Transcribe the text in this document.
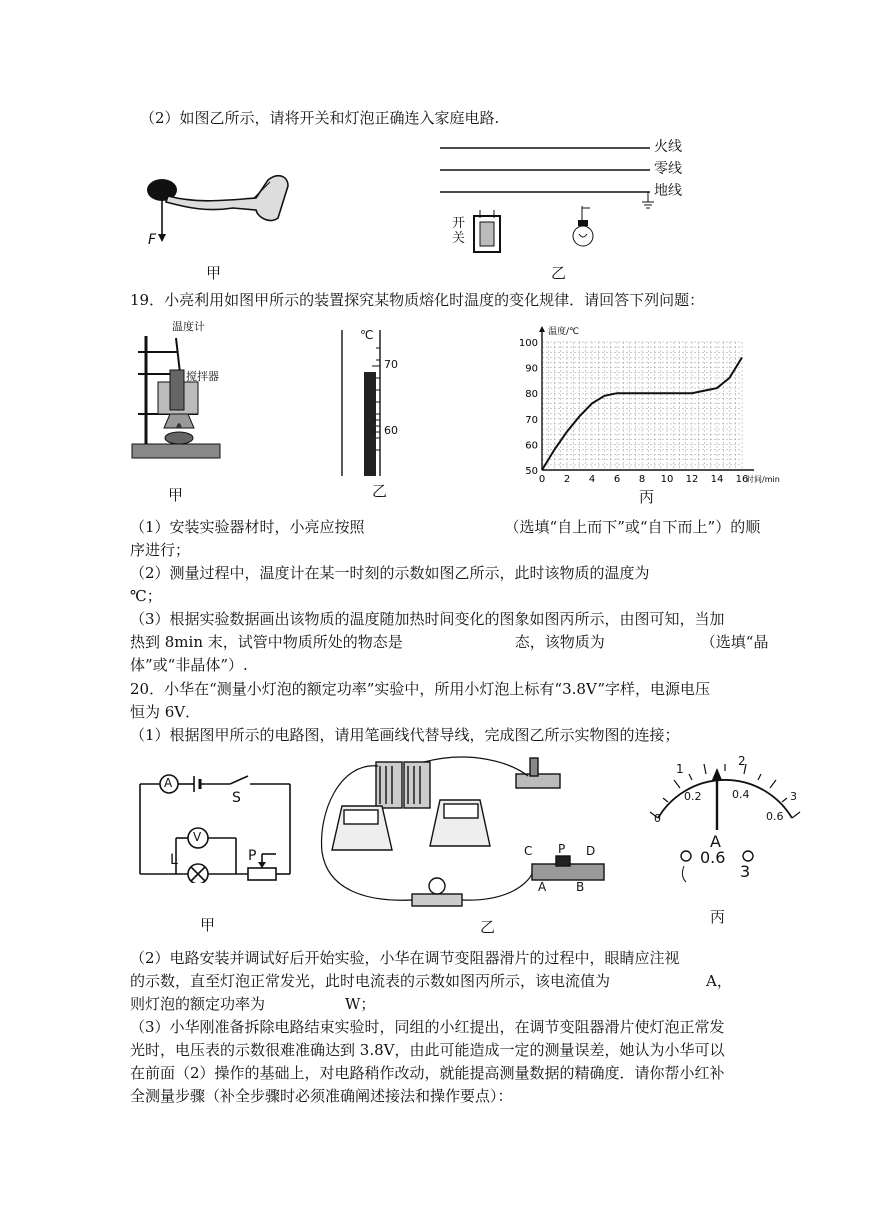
（2）如图乙所示，请将开关和灯泡正确连入家庭电路.
F
甲
火线
零线
地线
开关
乙
19．小亮利用如图甲所示的装置探究某物质熔化时温度的变化规律．请回答下列问题：
温度计
搅拌器
甲
℃
70
60
乙
0 2 4 6 8 10 12 14 16
50
60
70
80
90
100
温度/℃
时间/min
丙
（1）安装实验器材时，小亮应按照	（选填“自上而下”或“自下而上”）的顺
序进行；
（2）测量过程中，温度计在某一时刻的示数如图乙所示，此时该物质的温度为
℃；
（3）根据实验数据画出该物质的温度随加热时间变化的图象如图丙所示，由图可知，当加
热到 8min 末，试管中物质所处的物态是	态，该物质为	（选填“晶
体”或“非晶体”）.
20．小华在“测量小灯泡的额定功率”实验中，所用小灯泡上标有“3.8V”字样，电源电压
恒为 6V．
（1）根据图甲所示的电路图，请用笔画线代替导线，完成图乙所示实物图的连接；
A
S
V
L	P
甲
C P D
A B
乙
1
2
0
0.2	0.4	3
0.6
A
0.6
3
丙
（2）电路安装并调试好后开始实验，小华在调节变阻器滑片的过程中，眼睛应注视
的示数，直至灯泡正常发光，此时电流表的示数如图丙所示，该电流值为	A，
则灯泡的额定功率为	W；
（3）小华刚准备拆除电路结束实验时，同组的小红提出，在调节变阻器滑片使灯泡正常发
光时，电压表的示数很难准确达到 3.8V，由此可能造成一定的测量误差，她认为小华可以
在前面（2）操作的基础上，对电路稍作改动，就能提高测量数据的精确度．请你帮小红补
全测量步骤（补全步骤时必须准确阐述接法和操作要点）：
